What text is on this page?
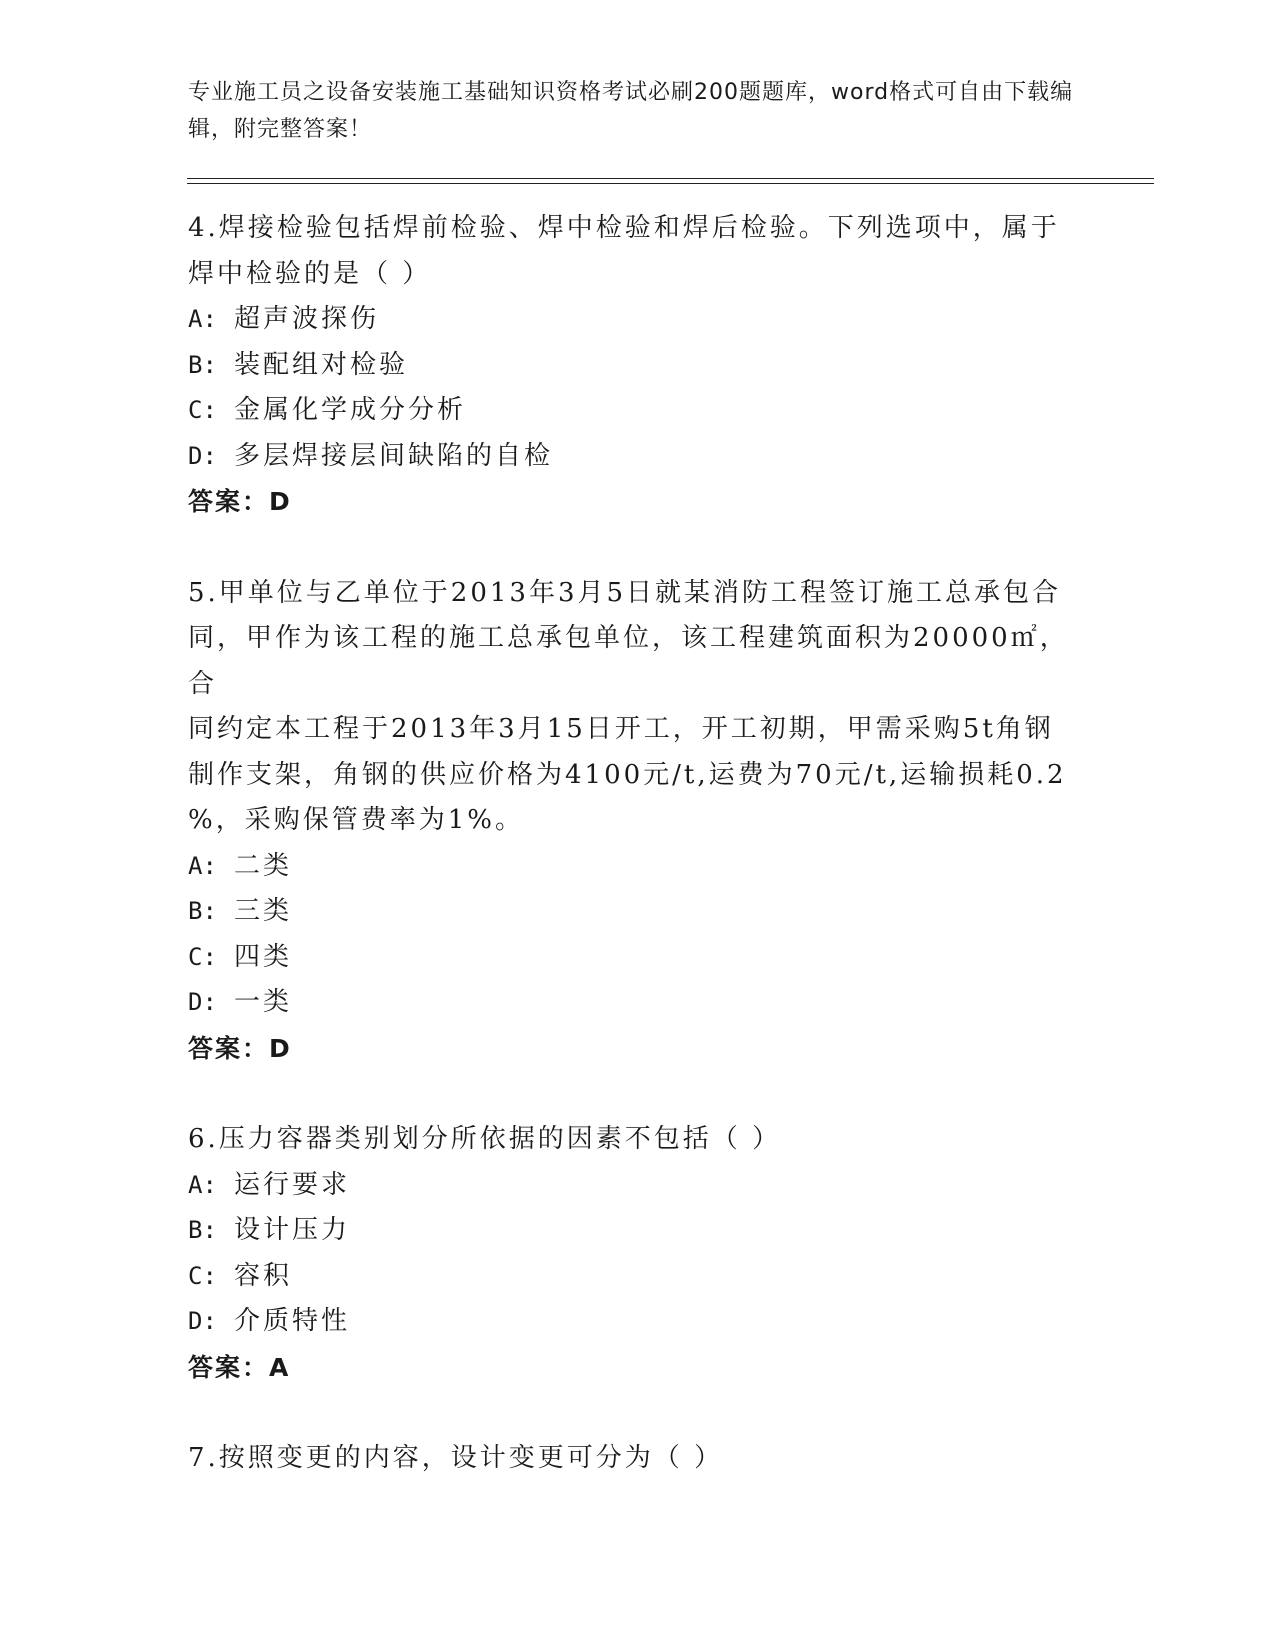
专业施工员之设备安装施工基础知识资格考试必刷200题题库，word格式可自由下载编辑，附完整答案！

4.焊接检验包括焊前检验、焊中检验和焊后检验。下列选项中，属于

焊中检验的是（ ）

A: 超声波探伤

B: 装配组对检验

C: 金属化学成分分析

D: 多层焊接层间缺陷的自检

答案：D

5.甲单位与乙单位于2013年3月5日就某消防工程签订施工总承包合

同，甲作为该工程的施工总承包单位，该工程建筑面积为20000㎡，合

同约定本工程于2013年3月15日开工，开工初期，甲需采购5t角钢

制作支架，角钢的供应价格为4100元/t,运费为70元/t,运输损耗0.2

%，采购保管费率为1%。

A: 二类

B: 三类

C: 四类

D: 一类

答案：D

6.压力容器类别划分所依据的因素不包括（ ）

A: 运行要求

B: 设计压力

C: 容积

D: 介质特性

答案：A

7.按照变更的内容，设计变更可分为（ ）
